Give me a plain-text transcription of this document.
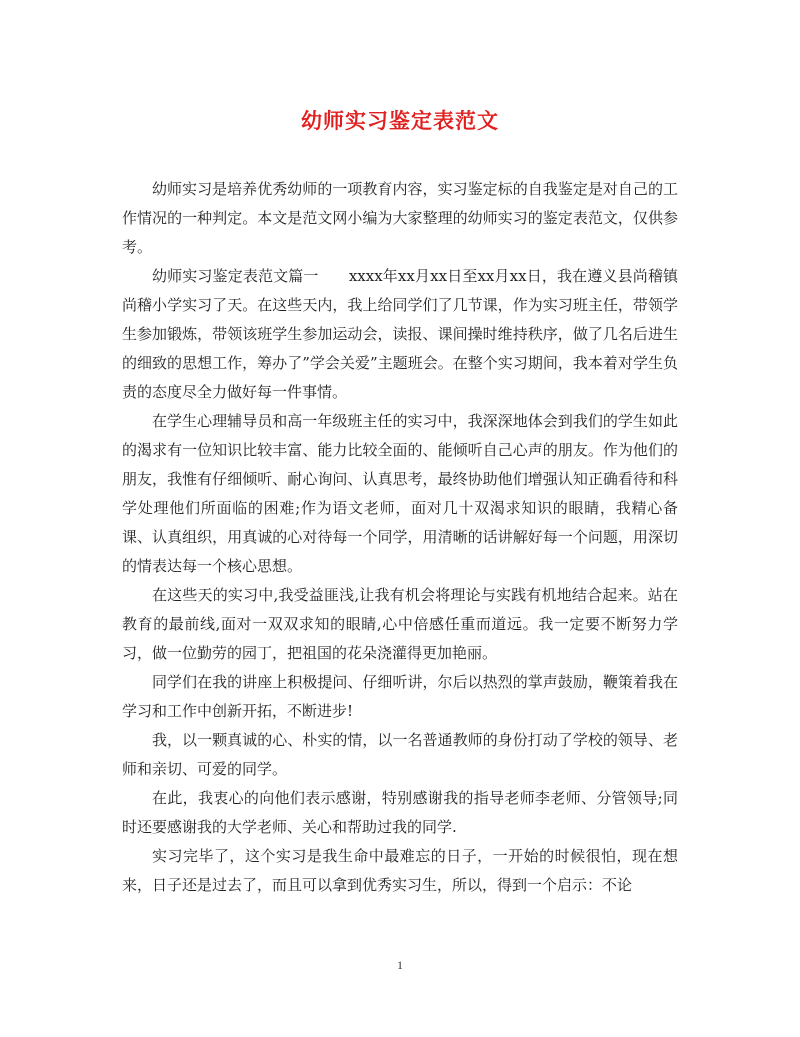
幼师实习鉴定表范文

幼师实习是培养优秀幼师的一项教育内容，实习鉴定标的自我鉴定是对自己的工作情况的一种判定。本文是范文网小编为大家整理的幼师实习的鉴定表范文，仅供参考。

幼师实习鉴定表范文篇一　　xxxx年xx月xx日至xx月xx日，我在遵义县尚稽镇尚稽小学实习了天。在这些天内，我上给同学们了几节课，作为实习班主任，带领学生参加锻炼，带领该班学生参加运动会，读报、课间操时维持秩序，做了几名后进生的细致的思想工作，筹办了”学会关爱”主题班会。在整个实习期间，我本着对学生负责的态度尽全力做好每一件事情。

在学生心理辅导员和高一年级班主任的实习中，我深深地体会到我们的学生如此的渴求有一位知识比较丰富、能力比较全面的、能倾听自己心声的朋友。作为他们的朋友，我惟有仔细倾听、耐心询问、认真思考，最终协助他们增强认知正确看待和科学处理他们所面临的困难;作为语文老师，面对几十双渴求知识的眼睛，我精心备课、认真组织，用真诚的心对待每一个同学，用清晰的话讲解好每一个问题，用深切的情表达每一个核心思想。

在这些天的实习中,我受益匪浅,让我有机会将理论与实践有机地结合起来。站在教育的最前线,面对一双双求知的眼睛,心中倍感任重而道远。我一定要不断努力学习，做一位勤劳的园丁，把祖国的花朵浇灌得更加艳丽。

同学们在我的讲座上积极提问、仔细听讲，尔后以热烈的掌声鼓励，鞭策着我在学习和工作中创新开拓，不断进步!

我，以一颗真诚的心、朴实的情，以一名普通教师的身份打动了学校的领导、老师和亲切、可爱的同学。

在此，我衷心的向他们表示感谢，特别感谢我的指导老师李老师、分管领导;同时还要感谢我的大学老师、关心和帮助过我的同学.

实习完毕了，这个实习是我生命中最难忘的日子，一开始的时候很怕，现在想来，日子还是过去了，而且可以拿到优秀实习生，所以，得到一个启示：不论

1
